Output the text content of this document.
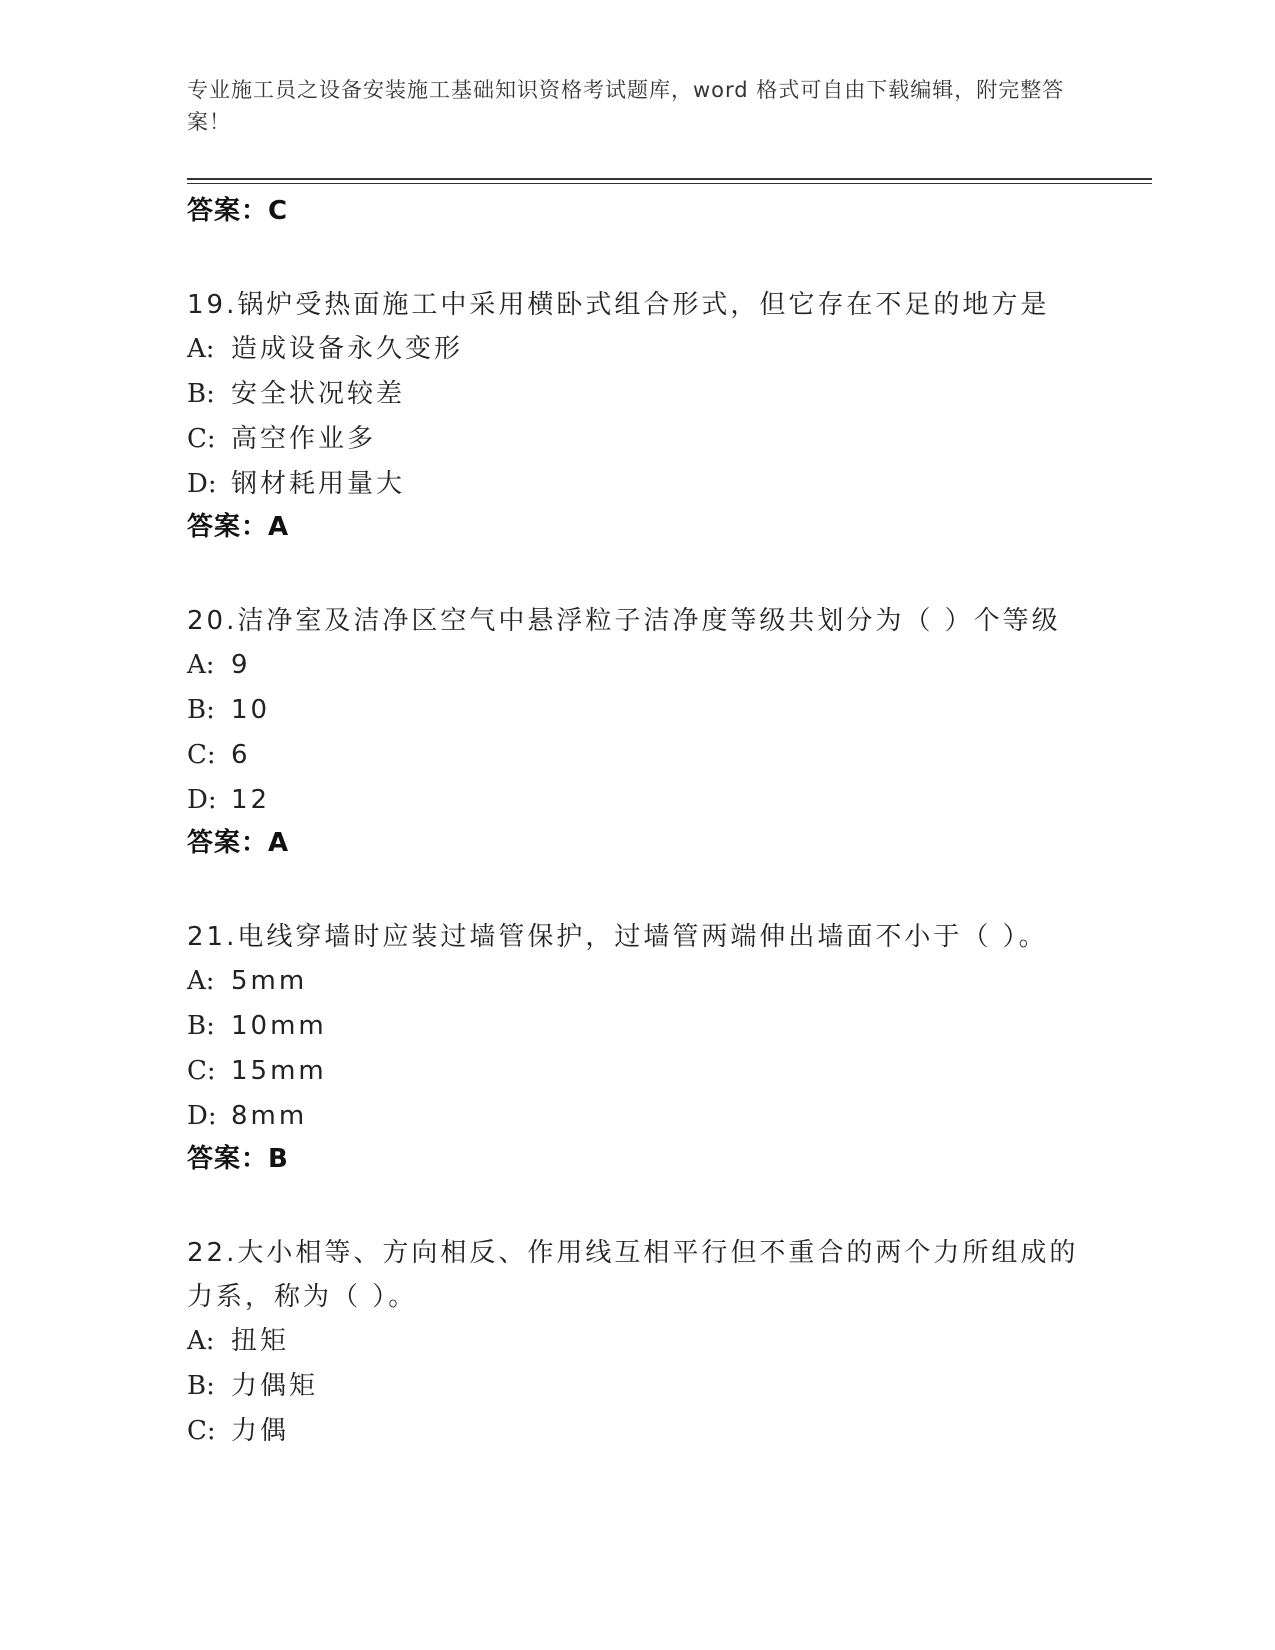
专业施工员之设备安装施工基础知识资格考试题库，word 格式可自由下载编辑，附完整答案！
答案：C
19.锅炉受热面施工中采用横卧式组合形式，但它存在不足的地方是
A: 造成设备永久变形
B: 安全状况较差
C: 高空作业多
D: 钢材耗用量大
答案：A
20.洁净室及洁净区空气中悬浮粒子洁净度等级共划分为（ ）个等级
A: 9
B: 10
C: 6
D: 12
答案：A
21.电线穿墙时应装过墙管保护，过墙管两端伸出墙面不小于（ ）。
A: 5mm
B: 10mm
C: 15mm
D: 8mm
答案：B
22.大小相等、方向相反、作用线互相平行但不重合的两个力所组成的力系，称为（ ）。
A: 扭矩
B: 力偶矩
C: 力偶
